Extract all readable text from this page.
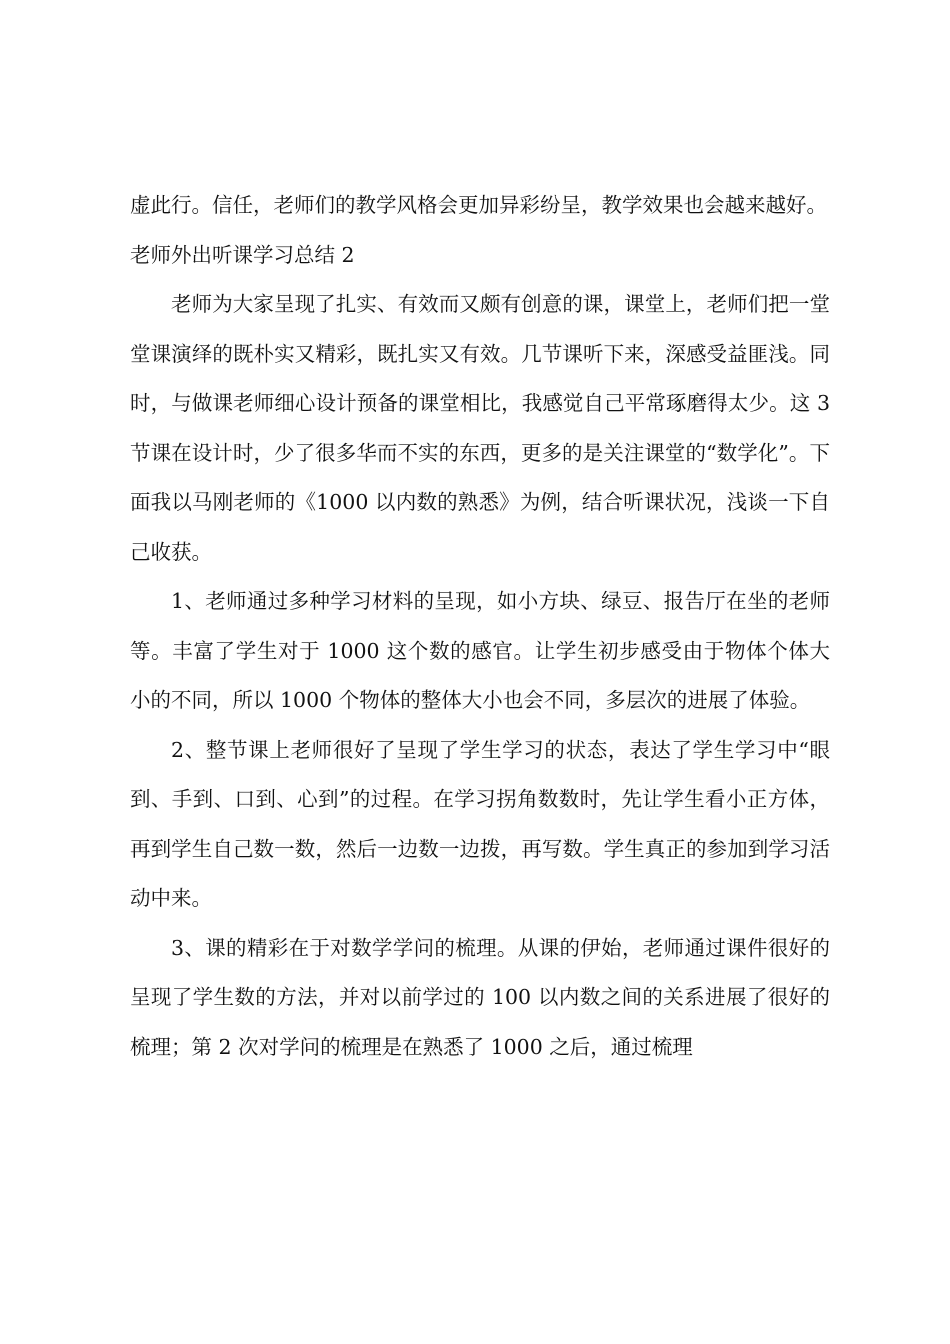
虚此行。信任，老师们的教学风格会更加异彩纷呈，教学效果也会越来越好。

老师外出听课学习总结 2

老师为大家呈现了扎实、有效而又颇有创意的课，课堂上，老师们把一堂堂课演绎的既朴实又精彩，既扎实又有效。几节课听下来，深感受益匪浅。同时，与做课老师细心设计预备的课堂相比，我感觉自己平常琢磨得太少。这 3 节课在设计时，少了很多华而不实的东西，更多的是关注课堂的“数学化”。下面我以马刚老师的《1000 以内数的熟悉》为例，结合听课状况，浅谈一下自己收获。

1、老师通过多种学习材料的呈现，如小方块、绿豆、报告厅在坐的老师等。丰富了学生对于 1000 这个数的感官。让学生初步感受由于物体个体大小的不同，所以 1000 个物体的整体大小也会不同，多层次的进展了体验。

2、整节课上老师很好了呈现了学生学习的状态，表达了学生学习中“眼到、手到、口到、心到”的过程。在学习拐角数数时，先让学生看小正方体，再到学生自己数一数，然后一边数一边拨，再写数。学生真正的参加到学习活动中来。

3、课的精彩在于对数学学问的梳理。从课的伊始，老师通过课件很好的呈现了学生数的方法，并对以前学过的 100 以内数之间的关系进展了很好的梳理；第 2 次对学问的梳理是在熟悉了 1000 之后，通过梳理
